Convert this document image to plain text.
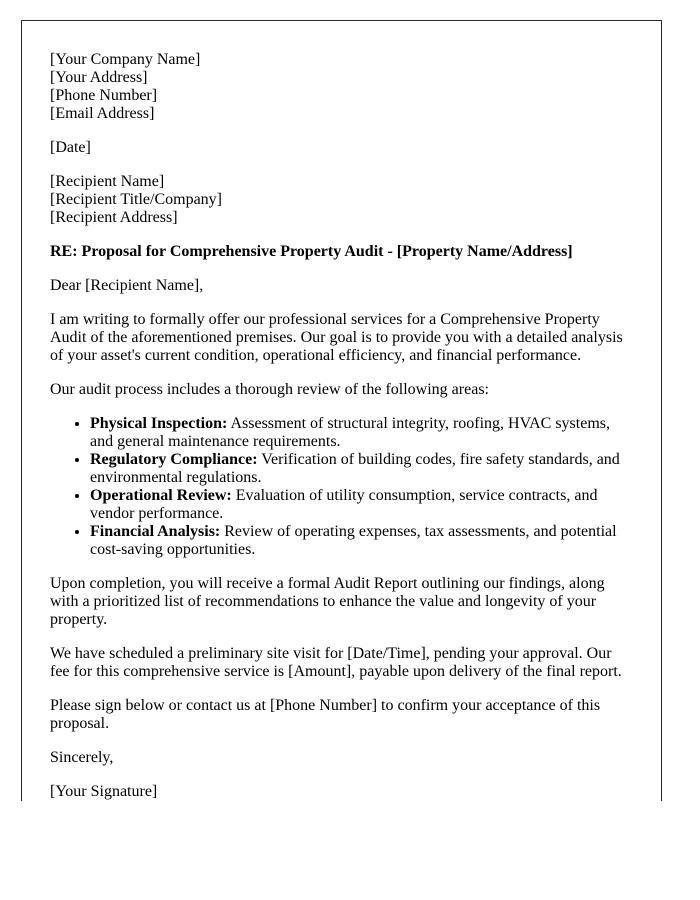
[Your Company Name]
[Your Address]
[Phone Number]
[Email Address]

[Date]

[Recipient Name]
[Recipient Title/Company]
[Recipient Address]

RE: Proposal for Comprehensive Property Audit - [Property Name/Address]

Dear [Recipient Name],

I am writing to formally offer our professional services for a Comprehensive Property Audit of the aforementioned premises. Our goal is to provide you with a detailed analysis of your asset's current condition, operational efficiency, and financial performance.

Our audit process includes a thorough review of the following areas:

• Physical Inspection: Assessment of structural integrity, roofing, HVAC systems, and general maintenance requirements.
• Regulatory Compliance: Verification of building codes, fire safety standards, and environmental regulations.
• Operational Review: Evaluation of utility consumption, service contracts, and vendor performance.
• Financial Analysis: Review of operating expenses, tax assessments, and potential cost-saving opportunities.

Upon completion, you will receive a formal Audit Report outlining our findings, along with a prioritized list of recommendations to enhance the value and longevity of your property.

We have scheduled a preliminary site visit for [Date/Time], pending your approval. Our fee for this comprehensive service is [Amount], payable upon delivery of the final report.

Please sign below or contact us at [Phone Number] to confirm your acceptance of this proposal.

Sincerely,

[Your Signature]
